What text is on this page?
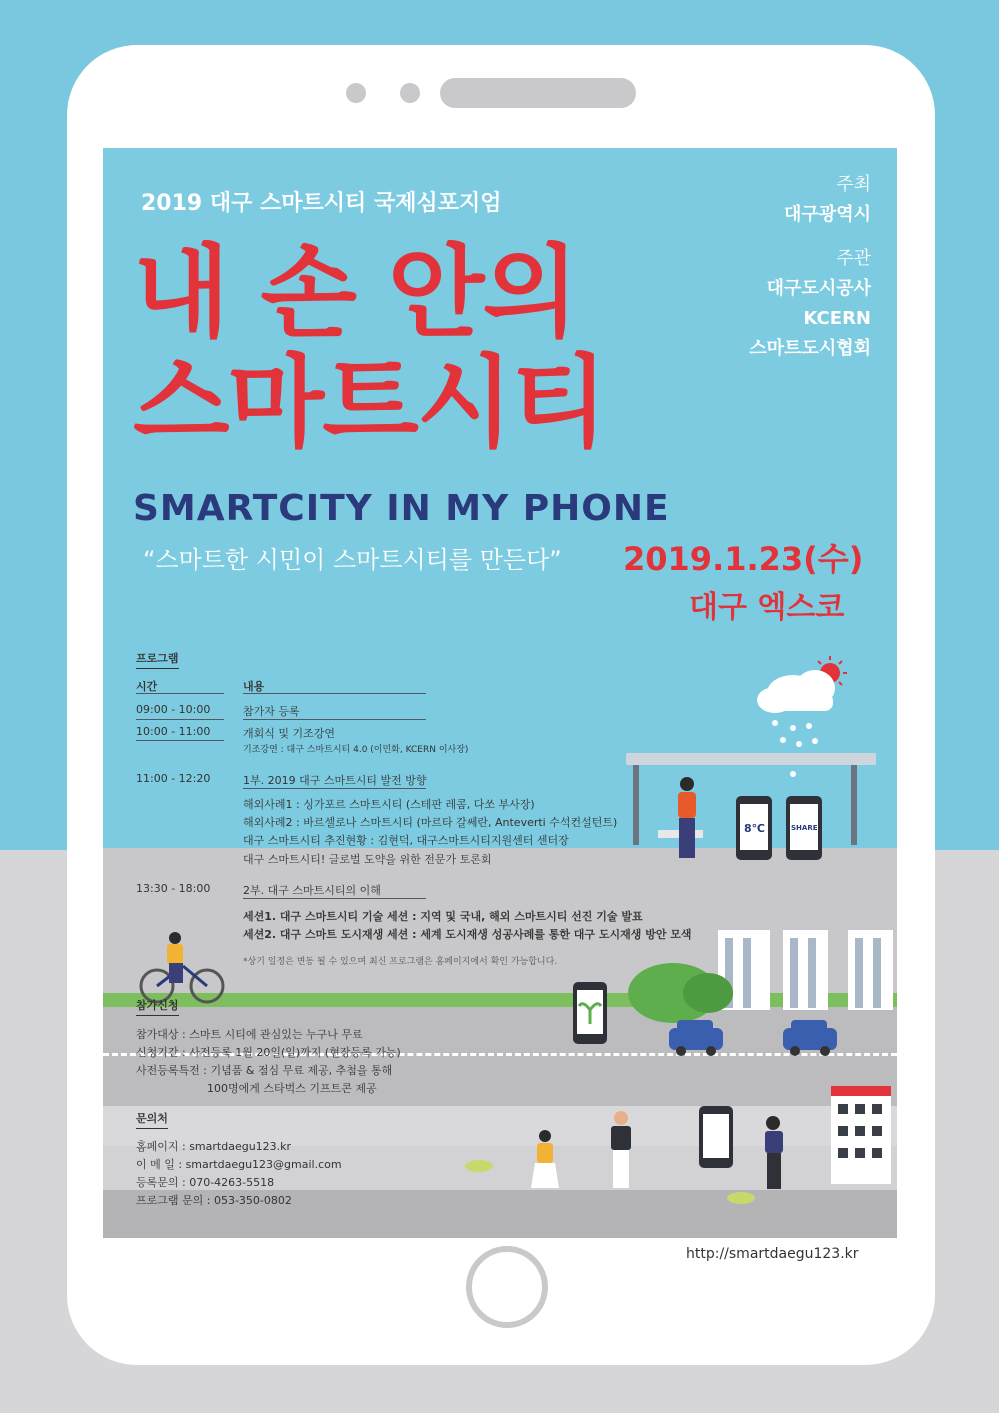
8℃	SHARE
2019 대구 스마트시티 국제심포지엄
내 손 안의
스마트시티
SMARTCITY IN MY PHONE
“스마트한 시민이 스마트시티를 만든다”
주최
대구광역시
주관
대구도시공사
KCERN
스마트도시협회
2019.1.23(수)
대구 엑스코
프로그램
시간	내용
09:00 - 10:00	참가자 등록
10:00 - 11:00	개회식 및 기조강연
기조강연 : 대구 스마트시티 4.0 (이민화, KCERN 이사장)
11:00 - 12:20	1부. 2019 대구 스마트시티 발전 방향
해외사례1 : 싱가포르 스마트시티 (스테판 레콤, 다쏘 부사장)
해외사례2 : 바르셀로나 스마트시티 (마르타 갈쎄란, Anteverti 수석컨설턴트)
대구 스마트시티 추진현황 : 김현덕, 대구스마트시티지원센터 센터장
대구 스마트시티! 글로벌 도약을 위한 전문가 토론회
13:30 - 18:00	2부. 대구 스마트시티의 이해
세션1. 대구 스마트시티 기술 세션 : 지역 및 국내, 해외 스마트시티 선진 기술 발표
세션2. 대구 스마트 도시재생 세션 : 세계 도시재생 성공사례를 통한 대구 도시재생 방안 모색
*상기 일정은 변동 될 수 있으며 최신 프로그램은 홈페이지에서 확인 가능합니다.
참가신청
참가대상 : 스마트 시티에 관심있는 누구나 무료
신청기간 : 사전등록 1월 20일(일)까지 (현장등록 가능)
사전등록특전 : 기념품 & 점심 무료 제공, 추첨을 통해
100명에게 스타벅스 기프트콘 제공
문의처
홈페이지 : smartdaegu123.kr
이 메 일 : smartdaegu123@gmail.com
등록문의 : 070-4263-5518
프로그램 문의 : 053-350-0802
http://smartdaegu123.kr
